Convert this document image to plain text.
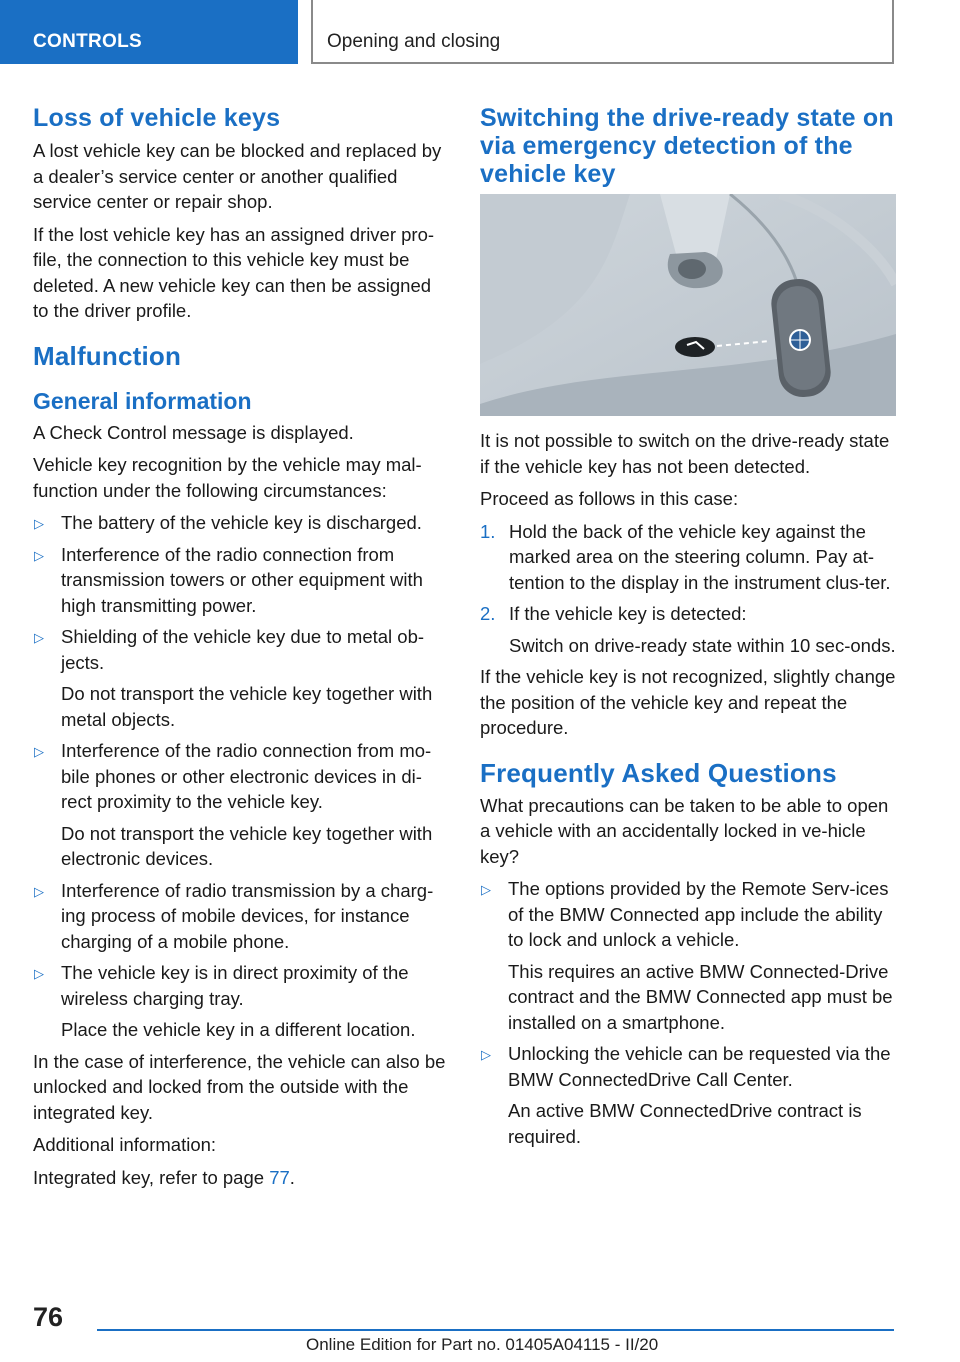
CONTROLS	Opening and closing
Loss of vehicle keys

A lost vehicle key can be blocked and replaced by a dealer’s service center or another qualified service center or repair shop.

If the lost vehicle key has an assigned driver pro-file, the connection to this vehicle key must be deleted. A new vehicle key can then be assigned to the driver profile.

Malfunction
General information

A Check Control message is displayed.

Vehicle key recognition by the vehicle may mal-function under the following circumstances:

▷ The battery of the vehicle key is discharged.
▷ Interference of the radio connection from transmission towers or other equipment with high transmitting power.
▷ Shielding of the vehicle key due to metal ob-jects.
Do not transport the vehicle key together with metal objects.
▷ Interference of the radio connection from mo-bile phones or other electronic devices in di-rect proximity to the vehicle key.
Do not transport the vehicle key together with electronic devices.
▷ Interference of radio transmission by a charg-ing process of mobile devices, for instance charging of a mobile phone.
▷ The vehicle key is in direct proximity of the wireless charging tray.
Place the vehicle key in a different location.

In the case of interference, the vehicle can also be unlocked and locked from the outside with the integrated key.

Additional information:

Integrated key, refer to page 77.

Switching the drive-ready state on via emergency detection of the vehicle key

It is not possible to switch on the drive-ready state if the vehicle key has not been detected.

Proceed as follows in this case:

1. Hold the back of the vehicle key against the marked area on the steering column. Pay at-tention to the display in the instrument clus-ter.
2. If the vehicle key is detected:
Switch on drive-ready state within 10 sec-onds.

If the vehicle key is not recognized, slightly change the position of the vehicle key and repeat the procedure.

Frequently Asked Questions

What precautions can be taken to be able to open a vehicle with an accidentally locked in ve-hicle key?

▷ The options provided by the Remote Serv-ices of the BMW Connected app include the ability to lock and unlock a vehicle.
This requires an active BMW Connected-Drive contract and the BMW Connected app must be installed on a smartphone.
▷ Unlocking the vehicle can be requested via the BMW ConnectedDrive Call Center.
An active BMW ConnectedDrive contract is required.
76
Online Edition for Part no. 01405A04115 - II/20
